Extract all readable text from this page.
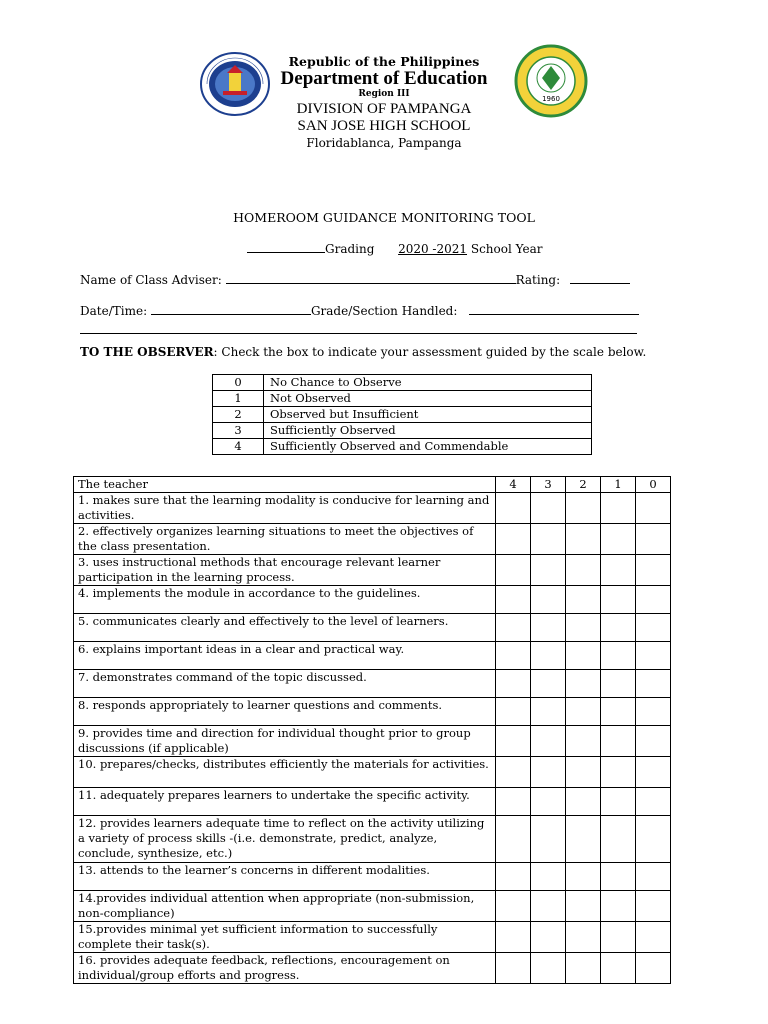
1960
Republic of the Philippines
Department of Education
Region III
DIVISION OF PAMPANGA
SAN JOSE HIGH SCHOOL
Floridablanca, Pampanga
HOMEROOM GUIDANCE MONITORING TOOL
Grading 2020 -2021 School Year
Name of Class Adviser:	Rating:
Date/Time:	Grade/Section Handled:
TO THE OBSERVER: Check the box to indicate your assessment guided by the scale below.
0	No Chance to Observe
1	Not Observed
2	Observed but Insufficient
3	Sufficiently Observed
4	Sufficiently Observed and Commendable
The teacher	4	3	2	1	0
1. makes sure that the learning modality is conducive for learning and activities.					
2. effectively organizes learning situations to meet the objectives of the class presentation.					
3. uses instructional methods that encourage relevant learner participation in the learning process.					
4. implements the module in accordance to the guidelines.					
5. communicates clearly and effectively to the level of learners.					
6. explains important ideas in a clear and practical way.					
7. demonstrates command of the topic discussed.					
8. responds appropriately to learner questions and comments.					
9. provides time and direction for individual thought prior to group discussions (if applicable)					
10. prepares/checks, distributes efficiently the materials for activities.					
11. adequately prepares learners to undertake the specific activity.					
12. provides learners adequate time to reflect on the activity utilizing a variety of process skills -(i.e. demonstrate, predict, analyze, conclude, synthesize, etc.)					
13. attends to the learner’s concerns in different modalities.					
14.provides individual attention when appropriate (non-submission, non-compliance)					
15.provides minimal yet sufficient information to successfully complete their task(s).					
16. provides adequate feedback, reflections, encouragement on individual/group efforts and progress.					
